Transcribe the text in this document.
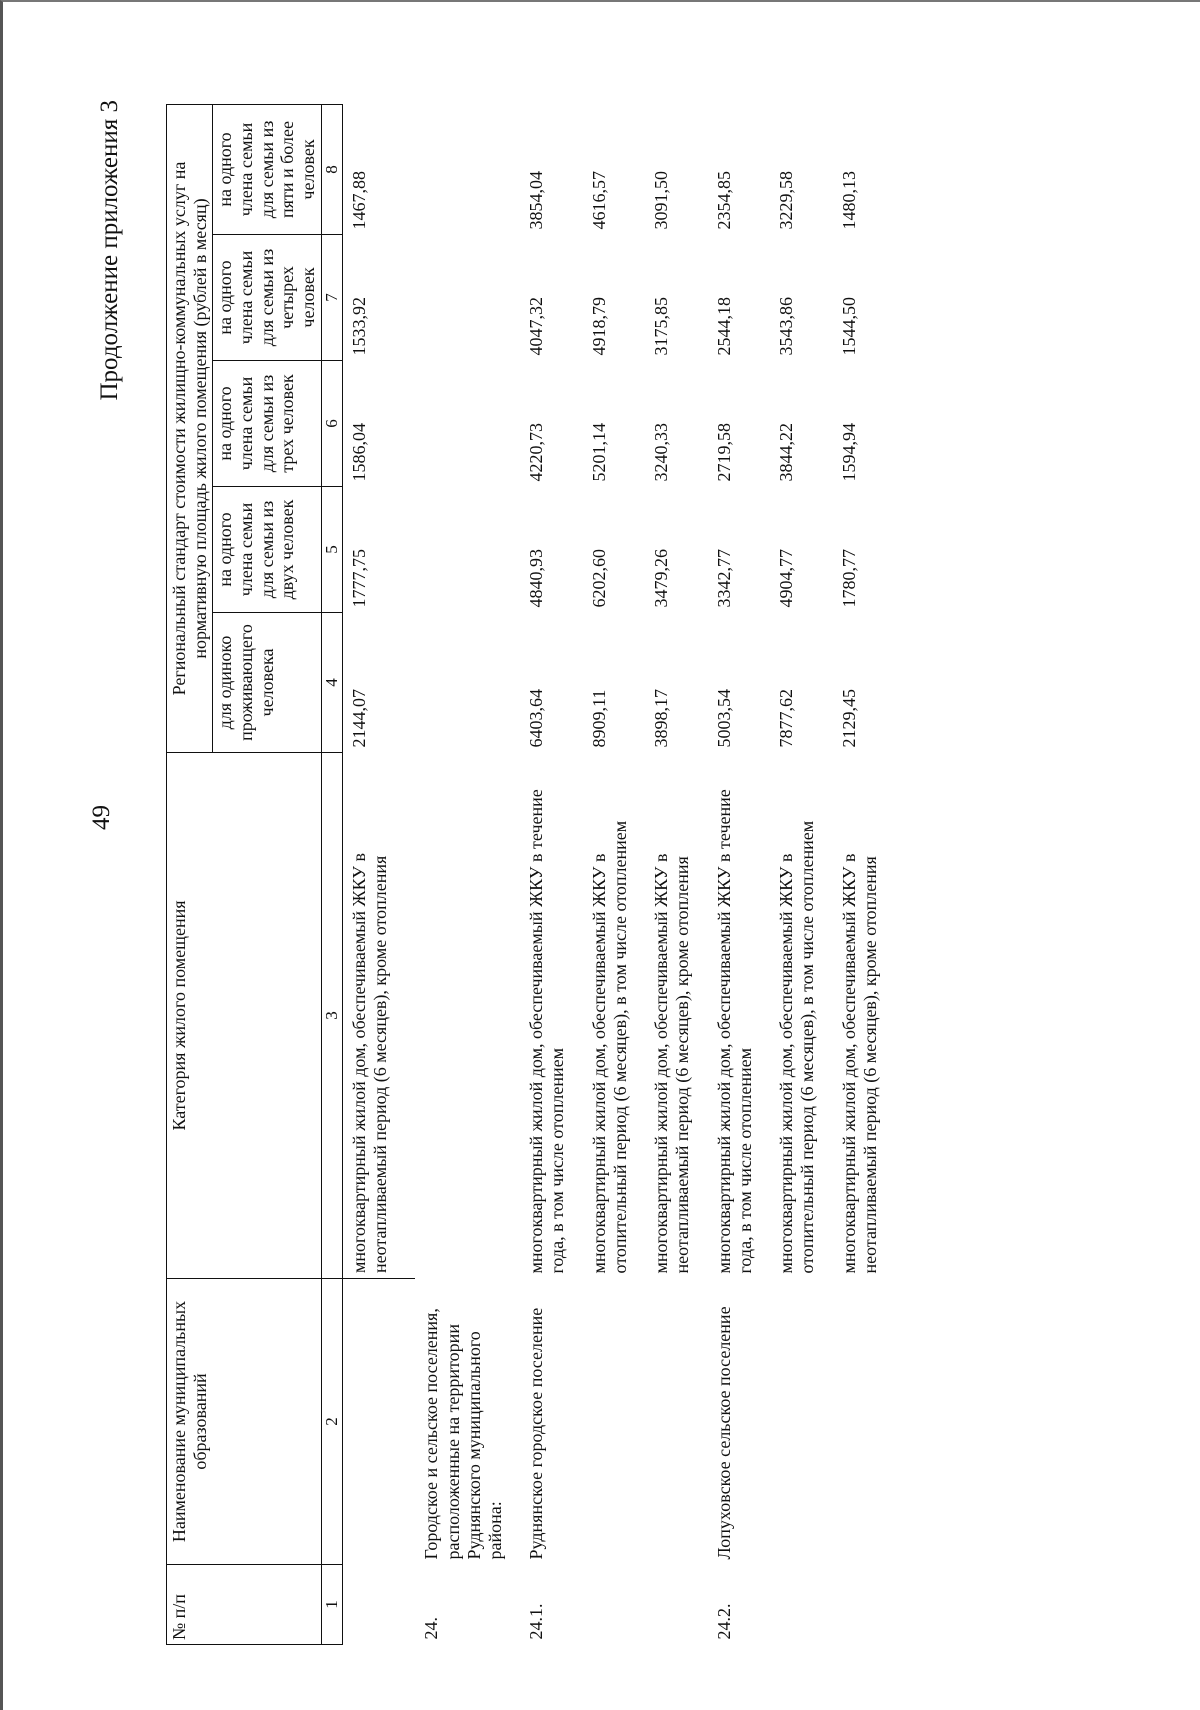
49
Продолжение приложения 3
№ п/п	Наименование муниципальных образований	Категория жилого помещения	Региональный стандарт стоимости жилищно-коммунальных услуг на нормативную площадь жилого помещения (рублей в месяц)				
			для одиноко проживающего человека	на одного члена семьи для семьи из двух человек	на одного члена семьи для семьи из трех человек	на одного члена семьи для семьи из четырех человек	на одного члена семьи для семьи из пяти и более человек
1	2	3	4	5	6	7	8
		многоквартирный жилой дом, обеспечиваемый ЖКУ в неотапливаемый период (6 месяцев), кроме отопления	2144,07	1777,75	1586,04	1533,92	1467,88
24.	Городское и сельское поселения, расположенные на территории Руднянского муниципального района:						
24.1.	Руднянское городское поселение	многоквартирный жилой дом, обеспечиваемый ЖКУ в течение года, в том числе отоплением	6403,64	4840,93	4220,73	4047,32	3854,04
		многоквартирный жилой дом, обеспечиваемый ЖКУ в отопительный период (6 месяцев), в том числе отоплением	8909,11	6202,60	5201,14	4918,79	4616,57
		многоквартирный жилой дом, обеспечиваемый ЖКУ в неотапливаемый период (6 месяцев), кроме отопления	3898,17	3479,26	3240,33	3175,85	3091,50
24.2.	Лопуховское сельское поселение	многоквартирный жилой дом, обеспечиваемый ЖКУ в течение года, в том числе отоплением	5003,54	3342,77	2719,58	2544,18	2354,85
		многоквартирный жилой дом, обеспечиваемый ЖКУ в отопительный период (6 месяцев), в том числе отоплением	7877,62	4904,77	3844,22	3543,86	3229,58
		многоквартирный жилой дом, обеспечиваемый ЖКУ в неотапливаемый период (6 месяцев), кроме отопления	2129,45	1780,77	1594,94	1544,50	1480,13
